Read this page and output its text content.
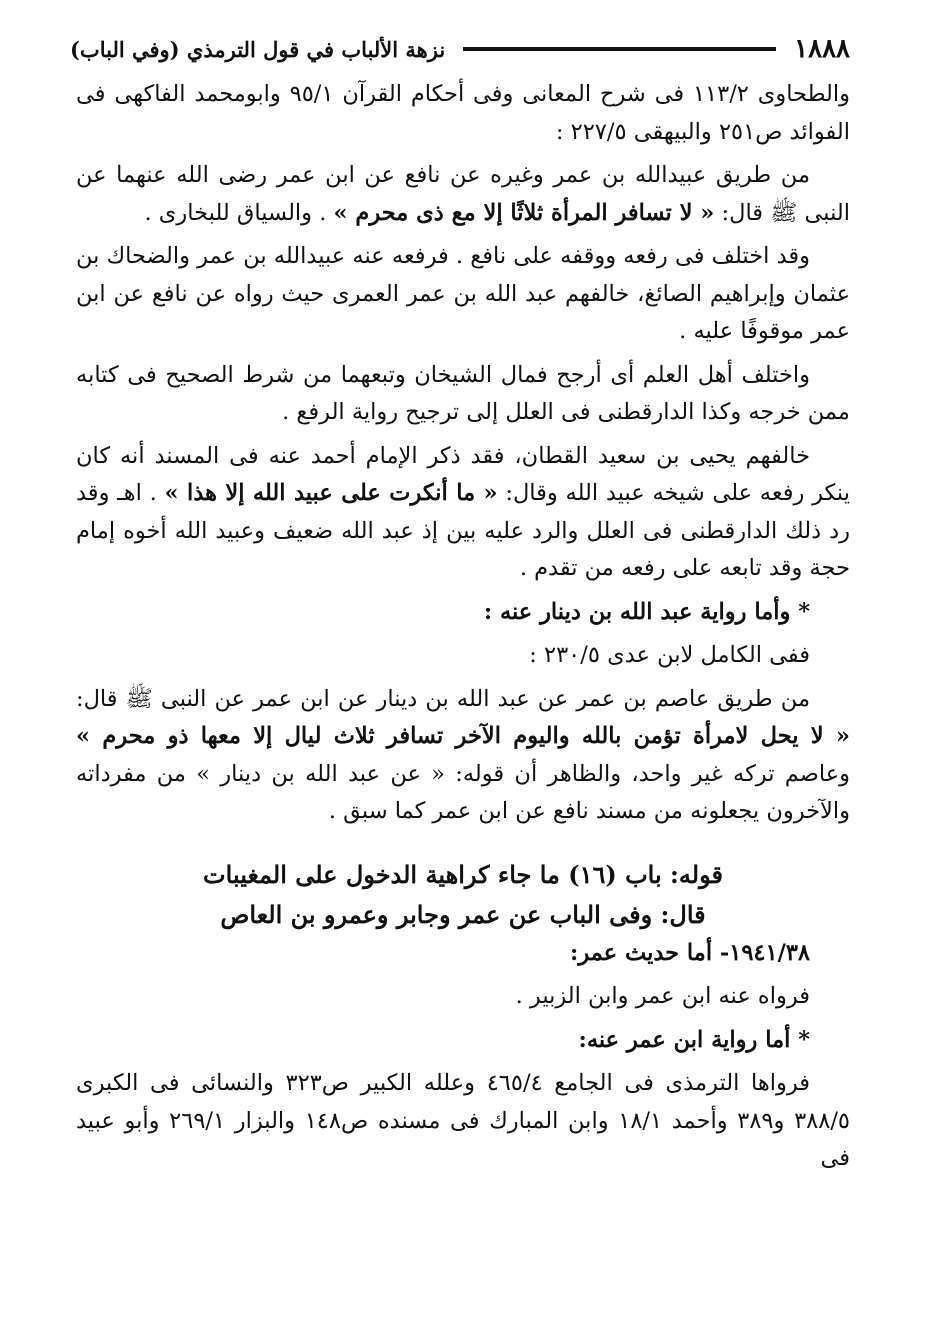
١٨٨٨
نزهة الألباب في قول الترمذي (وفي الباب)

والطحاوى ١١٣/٢ فى شرح المعانى وفى أحكام القرآن ٩٥/١ وابومحمد الفاكهى فى الفوائد ص٢٥١ والبيهقى ٢٢٧/٥ :

من طريق عبيدالله بن عمر وغيره عن نافع عن ابن عمر رضى الله عنهما عن النبى ﷺ قال: « لا تسافر المرأة ثلاثًا إلا مع ذى محرم » . والسياق للبخارى .

وقد اختلف فى رفعه ووقفه على نافع . فرفعه عنه عبيدالله بن عمر والضحاك بن عثمان وإبراهيم الصائغ، خالفهم عبد الله بن عمر العمرى حيث رواه عن نافع عن ابن عمر موقوفًا عليه .

واختلف أهل العلم أى أرجح فمال الشيخان وتبعهما من شرط الصحيح فى كتابه ممن خرجه وكذا الدارقطنى فى العلل إلى ترجيح رواية الرفع .

خالفهم يحيى بن سعيد القطان، فقد ذكر الإمام أحمد عنه فى المسند أنه كان ينكر رفعه على شيخه عبيد الله وقال: « ما أنكرت على عبيد الله إلا هذا » . اهـ وقد رد ذلك الدارقطنى فى العلل والرد عليه بين إذ عبد الله ضعيف وعبيد الله أخوه إمام حجة وقد تابعه على رفعه من تقدم .

* وأما رواية عبد الله بن دينار عنه :

ففى الكامل لابن عدى ٢٣٠/٥ :

من طريق عاصم بن عمر عن عبد الله بن دينار عن ابن عمر عن النبى ﷺ قال: « لا يحل لامرأة تؤمن بالله واليوم الآخر تسافر ثلاث ليال إلا معها ذو محرم » وعاصم تركه غير واحد، والظاهر أن قوله: « عن عبد الله بن دينار » من مفرداته والآخرون يجعلونه من مسند نافع عن ابن عمر كما سبق .

قوله: باب (١٦) ما جاء كراهية الدخول على المغيبات

قال: وفى الباب عن عمر وجابر وعمرو بن العاص

١٩٤١/٣٨- أما حديث عمر:

فرواه عنه ابن عمر وابن الزبير .

* أما رواية ابن عمر عنه:

فرواها الترمذى فى الجامع ٤٦٥/٤ وعلله الكبير ص٣٢٣ والنسائى فى الكبرى ٣٨٨/٥ و٣٨٩ وأحمد ١٨/١ وابن المبارك فى مسنده ص١٤٨ والبزار ٢٦٩/١ وأبو عبيد فى
